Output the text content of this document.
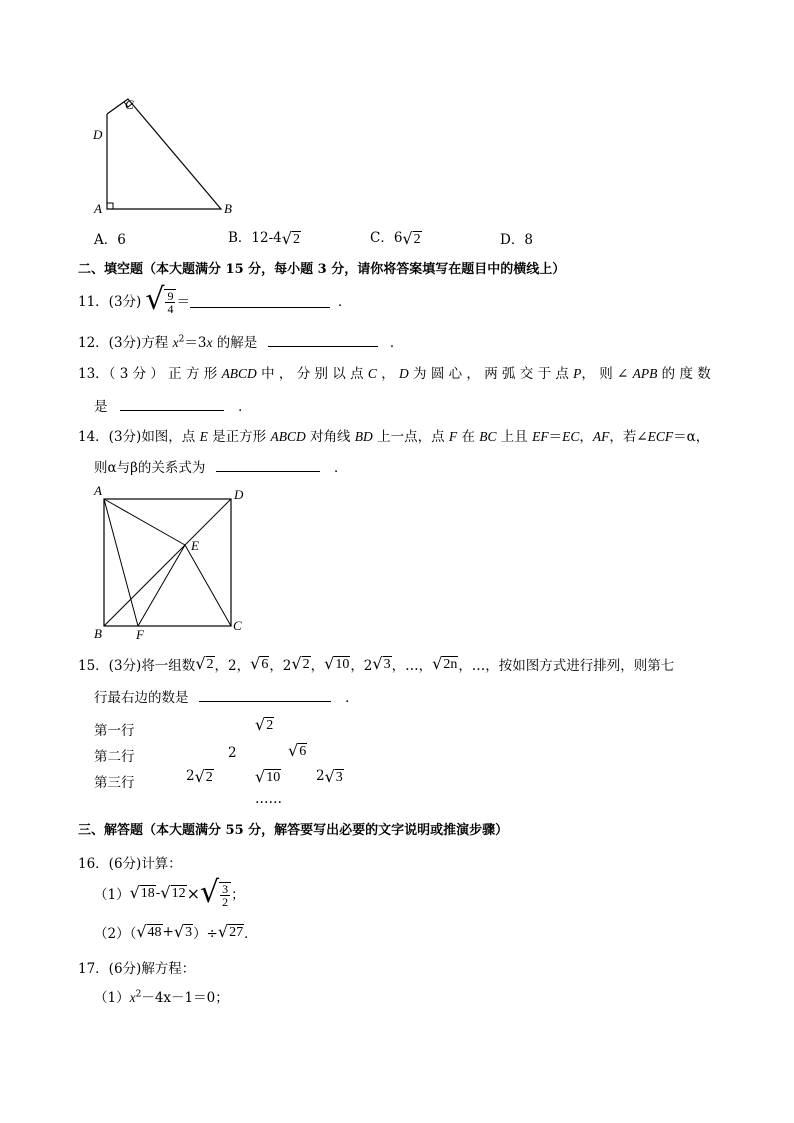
C
D
A	B
A．6	B．12-4 √ 2	C．6 √ 2	D．8
二、填空题（本大题满分 15 分，每小题 3 分，请你将答案填写在题目中的横线上）
11．(3分) √ $\frac{9}{4}$ ＝	．
12．(3分)方程 $x^2=3x$ 的解是	．
13．（ 3 分 ） 正 方 形 ABCD 中 ， 分 别 以 点 C ， D 为 圆 心 ， 两 弧 交 于 点 P， 则 ∠ APB 的 度 数
是	．
14．(3分)如图，点 E 是正方形 ABCD 对角线 BD 上一点，点 F 在 BC 上且 EF＝EC，AF，若∠ECF＝α，
则α与β的关系式为	．
A	D
E
B	F
C
15．(3分) 将一组数 √ 2 ，2， √ 6 ，2 √ 2 ， √ 10 ，2 √ 3 ，…， √ 2n ，…，按如图方式进行排列，则第七
行最右边的数是	．
第一行	√ 2
第二行	2	√ 6
第三行	2 √ 2	√ 10	2 √ 3
……
三、解答题（本大题满分 55 分，解答要写出必要的文字说明或推演步骤）
16．(6分)计算：
（1） √ 18 - √ 12 × √ $\frac{3}{2}$ ；
（2）（ √ 48 + √ 3 ）÷ √ 27 ．
17．(6分)解方程：
$(1)x^2-4x-1=0$；
